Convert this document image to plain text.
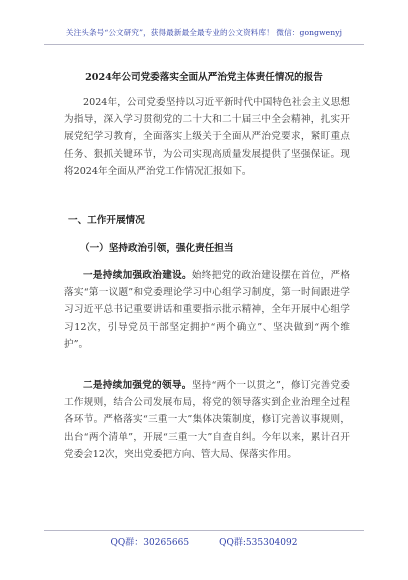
关注头条号“公文研究”，获得最新最全最专业的公文资料库！ 微信：gongwenyj
2024年公司党委落实全面从严治党主体责任情况的报告
2024年，公司党委坚持以习近平新时代中国特色社会主义思想为指导，深入学习贯彻党的二十大和二十届三中全会精神，扎实开展党纪学习教育，全面落实上级关于全面从严治党要求，紧盯重点任务、狠抓关键环节，为公司实现高质量发展提供了坚强保证。现将2024年全面从严治党工作情况汇报如下。
一、工作开展情况
（一）坚持政治引领，强化责任担当
一是持续加强政治建设。始终把党的政治建设摆在首位，严格落实“第一议题”和党委理论学习中心组学习制度，第一时间跟进学习习近平总书记重要讲话和重要指示批示精神，全年开展中心组学习12次，引导党员干部坚定拥护“两个确立”、坚决做到“两个维护”。
二是持续加强党的领导。坚持“两个一以贯之”，修订完善党委工作规则，结合公司发展布局，将党的领导落实到企业治理全过程各环节。严格落实“三重一大”集体决策制度，修订完善议事规则，出台“两个清单”，开展“三重一大”自查自纠。今年以来，累计召开党委会12次，突出党委把方向、管大局、保落实作用。
QQ群：30265665	QQ群:535304092
